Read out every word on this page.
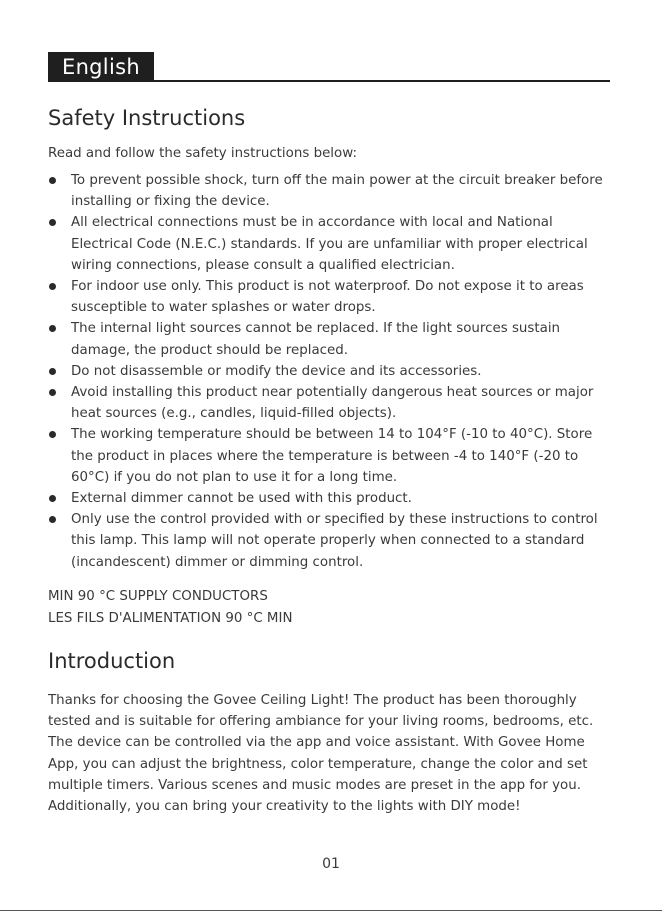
English
Safety Instructions

Read and follow the safety instructions below:

To prevent possible shock, turn off the main power at the circuit breaker before installing or fixing the device.
All electrical connections must be in accordance with local and National Electrical Code (N.E.C.) standards. If you are unfamiliar with proper electrical wiring connections, please consult a qualified electrician.
For indoor use only. This product is not waterproof. Do not expose it to areas susceptible to water splashes or water drops.
The internal light sources cannot be replaced. If the light sources sustain damage, the product should be replaced.
Do not disassemble or modify the device and its accessories.
Avoid installing this product near potentially dangerous heat sources or major heat sources (e.g., candles, liquid-filled objects).
The working temperature should be between 14 to 104°F (-10 to 40°C). Store the product in places where the temperature is between -4 to 140°F (-20 to 60°C) if you do not plan to use it for a long time.
External dimmer cannot be used with this product.
Only use the control provided with or specified by these instructions to control this lamp. This lamp will not operate properly when connected to a standard (incandescent) dimmer or dimming control.
MIN 90 °C SUPPLY CONDUCTORS
LES FILS D'ALIMENTATION 90 °C MIN
Introduction

Thanks for choosing the Govee Ceiling Light! The product has been thoroughly tested and is suitable for offering ambiance for your living rooms, bedrooms, etc. The device can be controlled via the app and voice assistant. With Govee Home App, you can adjust the brightness, color temperature, change the color and set multiple timers. Various scenes and music modes are preset in the app for you. Additionally, you can bring your creativity to the lights with DIY mode!

01
